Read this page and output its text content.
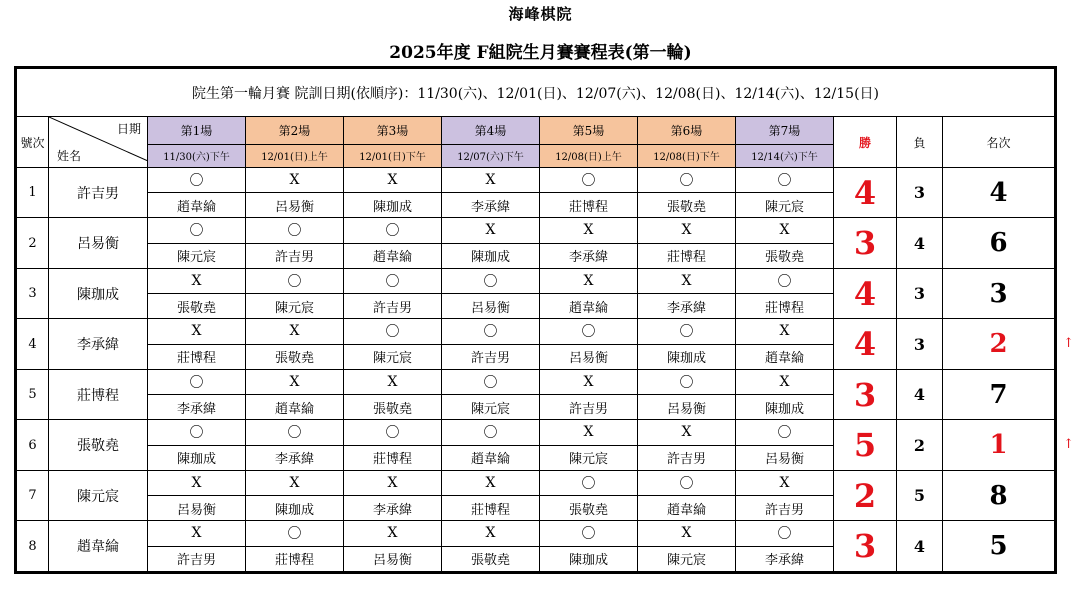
海峰棋院
2025年度 F組院生月賽賽程表(第一輪)
院生第一輪月賽 院訓日期(依順序)：11/30(六)、12/01(日)、12/07(六)、12/08(日)、12/14(六)、12/15(日)											
號次	日期
姓名	第1場	第2場	第3場	第4場	第5場	第6場	第7場	勝	負	名次
		11/30(六)下午	12/01(日)上午	12/01(日)下午	12/07(六)下午	12/08(日)上午	12/08(日)下午	12/14(六)下午			
1	許吉男	〇	X	X	X	〇	〇	〇	4	3	4
		趙韋綸	呂易衡	陳珈成	李承緯	莊博程	張敬堯	陳元宸			
2	呂易衡	〇	〇	〇	X	X	X	X	3	4	6
		陳元宸	許吉男	趙韋綸	陳珈成	李承緯	莊博程	張敬堯			
3	陳珈成	X	〇	〇	〇	X	X	〇	4	3	3
		張敬堯	陳元宸	許吉男	呂易衡	趙韋綸	李承緯	莊博程			
4	李承緯	X	X	〇	〇	〇	〇	X	4	3	2
		莊博程	張敬堯	陳元宸	許吉男	呂易衡	陳珈成	趙韋綸			
5	莊博程	〇	X	X	〇	X	〇	X	3	4	7
		李承緯	趙韋綸	張敬堯	陳元宸	許吉男	呂易衡	陳珈成			
6	張敬堯	〇	〇	〇	〇	X	X	〇	5	2	1
		陳珈成	李承緯	莊博程	趙韋綸	陳元宸	許吉男	呂易衡			
7	陳元宸	X	X	X	X	〇	〇	X	2	5	8
		呂易衡	陳珈成	李承緯	莊博程	張敬堯	趙韋綸	許吉男			
8	趙韋綸	X	〇	X	X	〇	X	〇	3	4	5
		許吉男	莊博程	呂易衡	張敬堯	陳珈成	陳元宸	李承緯			
↑
↑
